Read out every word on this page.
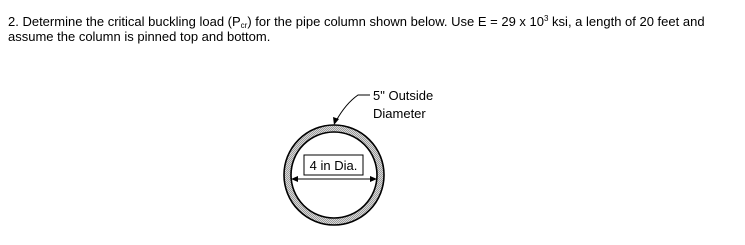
2. Determine the critical buckling load $(P_{cr})$ for the pipe column shown below. Use E = 29 x $10^3$ ksi, a length of 20 feet and assume the column is pinned top and bottom.

4 in Dia.
5" Outside
Diameter
